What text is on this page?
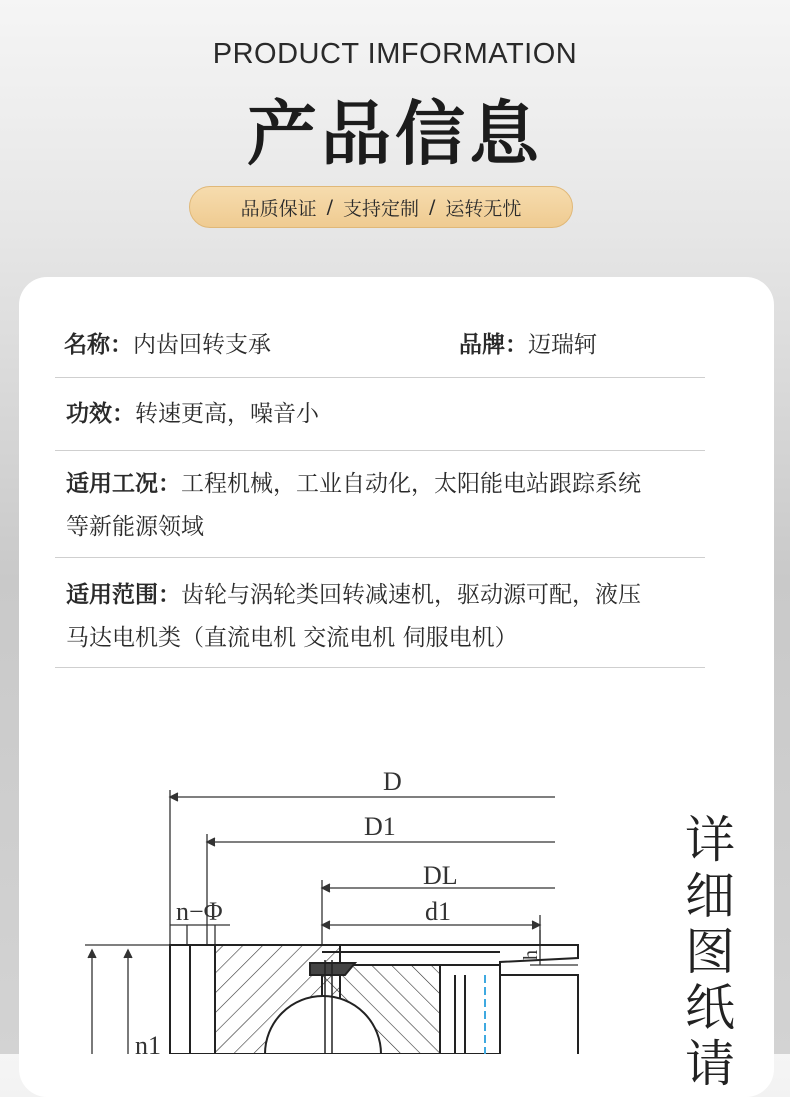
PRODUCT IMFORMATION
产品信息
品质保证 / 支持定制 / 运转无忧
名称：内齿回转支承	品牌：迈瑞轲
功效：转速更高，噪音小
适用工况：工程机械，工业自动化，太阳能电站跟踪系统
等新能源领域
适用范围：齿轮与涡轮类回转减速机，驱动源可配，液压
马达电机类（直流电机 交流电机 伺服电机）
D
D1
DL
d1
n−Φ
n1
h
详
细
图
纸
请
